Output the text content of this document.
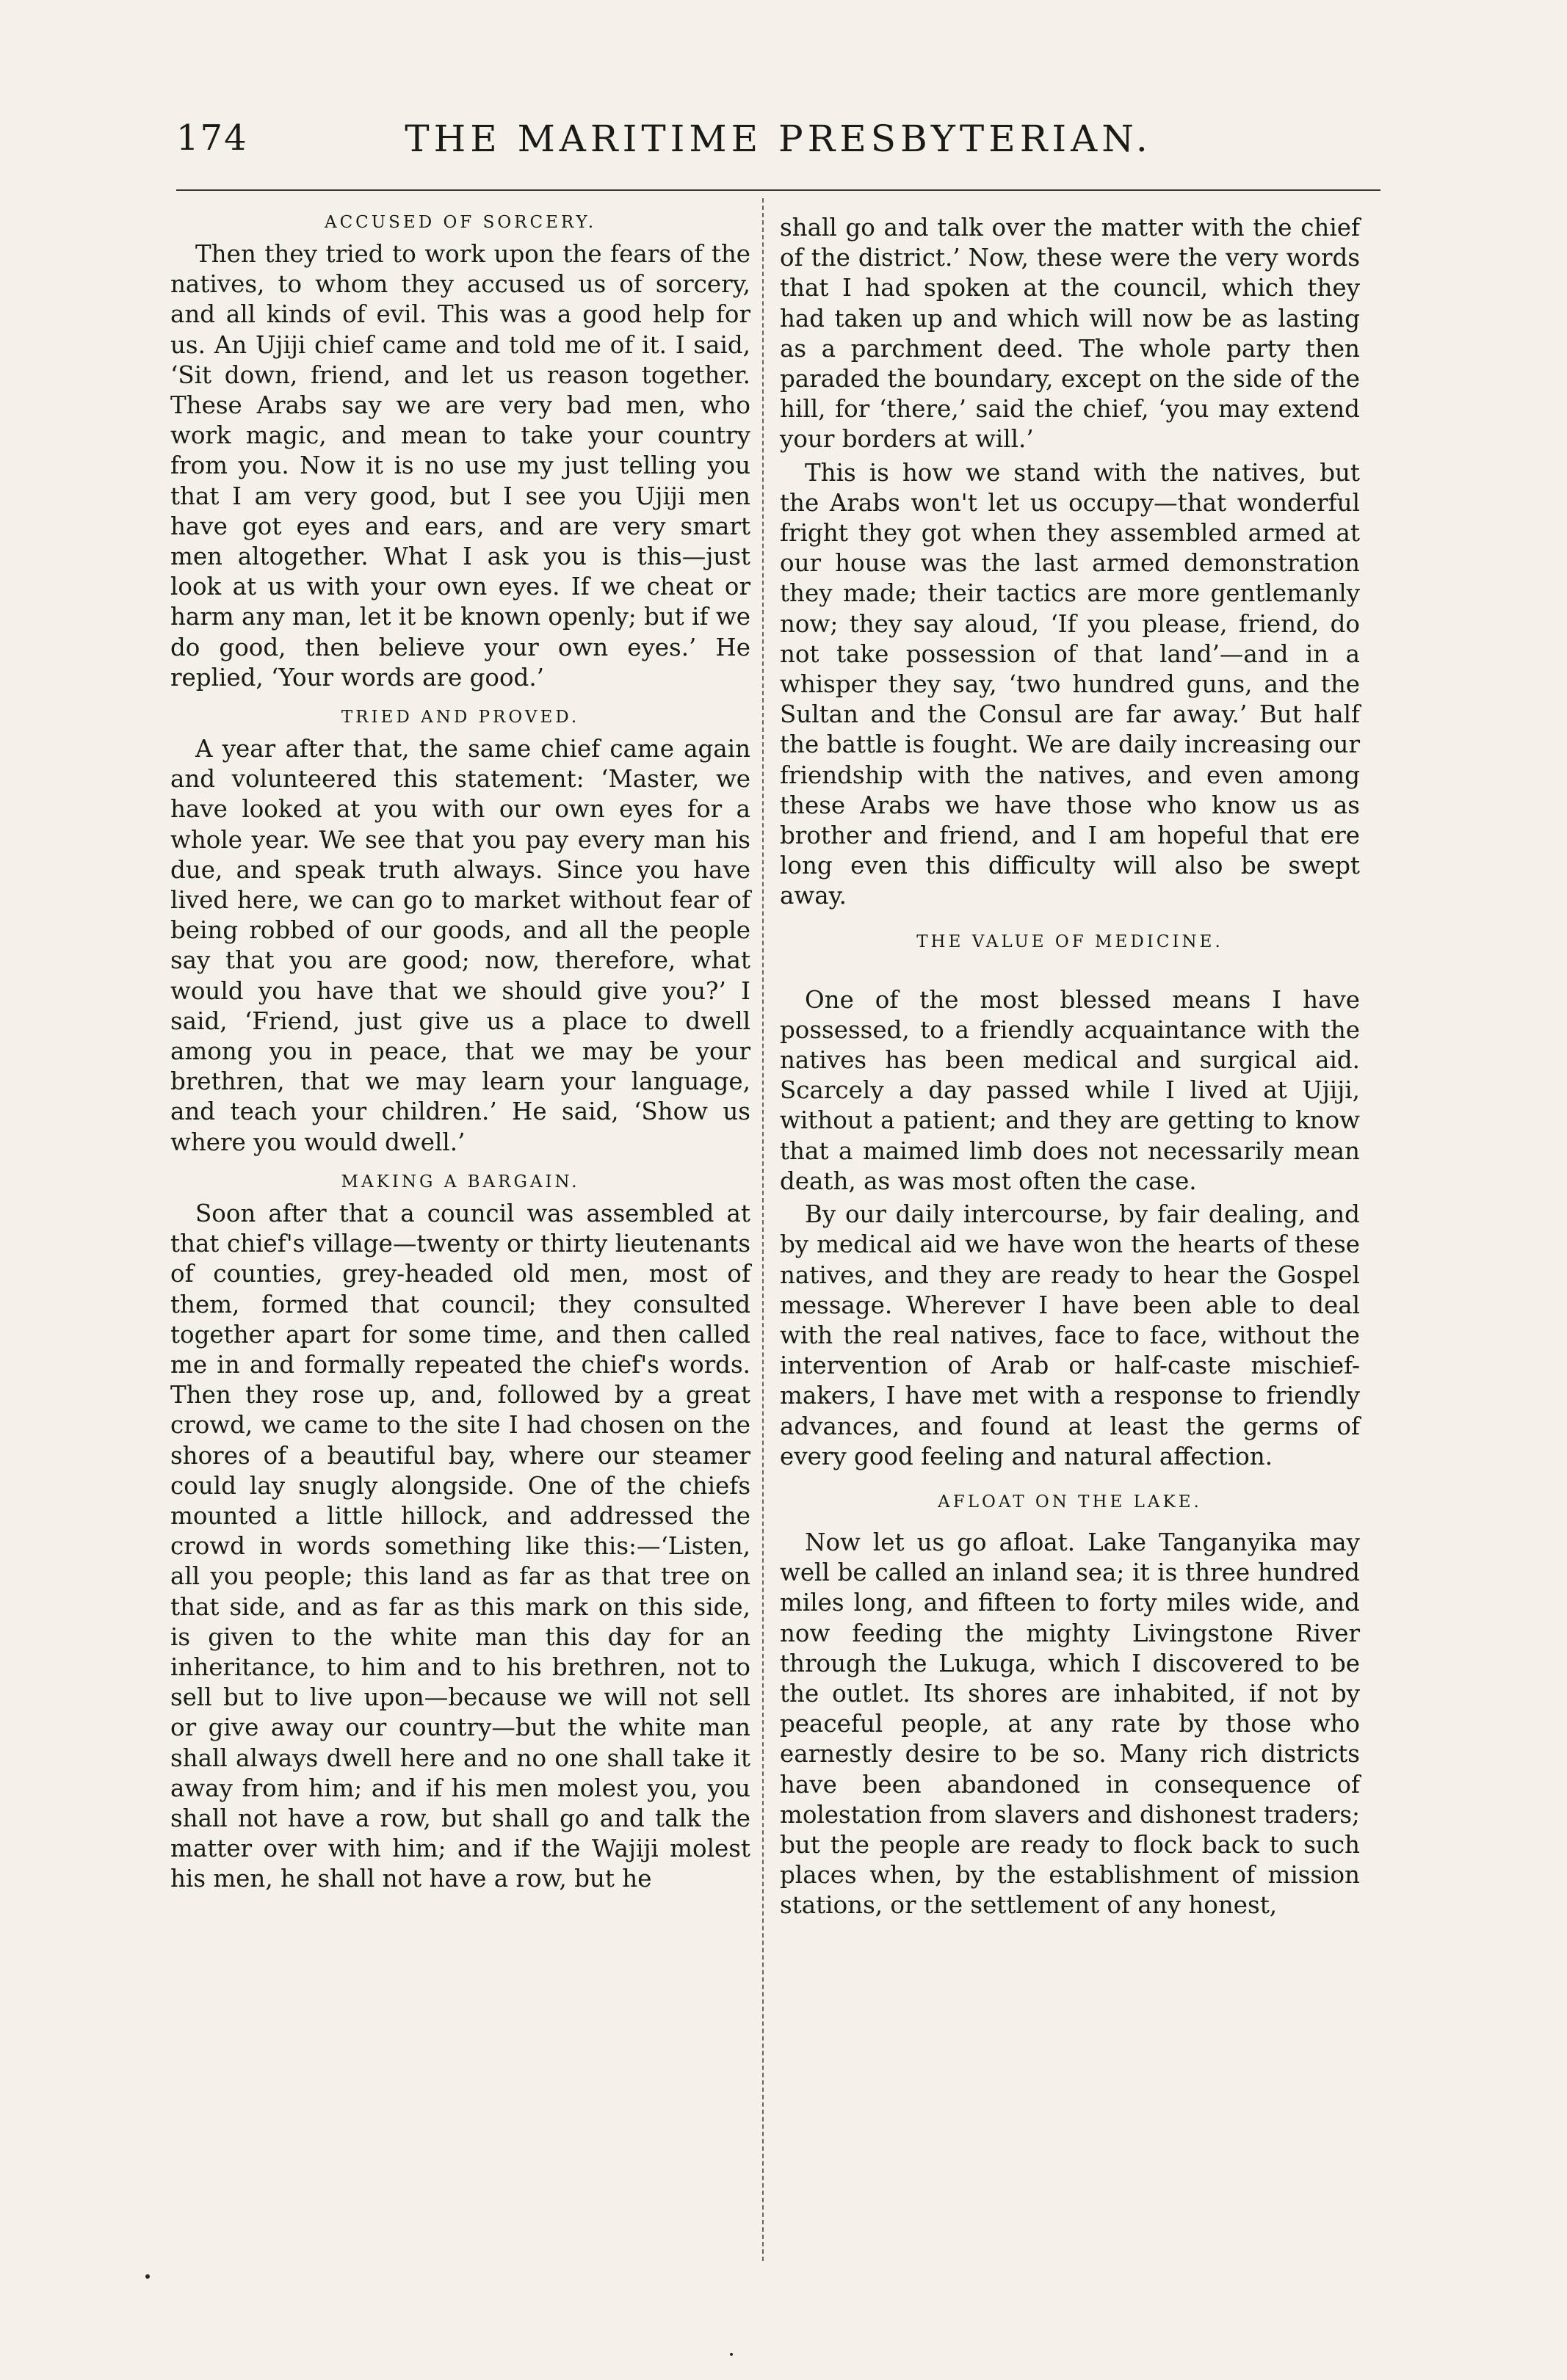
174	THE MARITIME PRESBYTERIAN.
ACCUSED OF SORCERY.

Then they tried to work upon the fears of the natives, to whom they accused us of sorcery, and all kinds of evil. This was a good help for us. An Ujiji chief came and told me of it. I said, ‘Sit down, friend, and let us reason together. These Arabs say we are very bad men, who work magic, and mean to take your country from you. Now it is no use my just telling you that I am very good, but I see you Ujiji men have got eyes and ears, and are very smart men altogether. What I ask you is this—just look at us with your own eyes. If we cheat or harm any man, let it be known openly; but if we do good, then believe your own eyes.’ He replied, ‘Your words are good.’

TRIED AND PROVED.

A year after that, the same chief came again and volunteered this statement: ‘Master, we have looked at you with our own eyes for a whole year. We see that you pay every man his due, and speak truth always. Since you have lived here, we can go to market without fear of being robbed of our goods, and all the people say that you are good; now, therefore, what would you have that we should give you?’ I said, ‘Friend, just give us a place to dwell among you in peace, that we may be your brethren, that we may learn your language, and teach your children.’ He said, ‘Show us where you would dwell.’

MAKING A BARGAIN.

Soon after that a council was assembled at that chief's village—twenty or thirty lieutenants of counties, grey-headed old men, most of them, formed that council; they consulted together apart for some time, and then called me in and formally repeated the chief's words. Then they rose up, and, followed by a great crowd, we came to the site I had chosen on the shores of a beautiful bay, where our steamer could lay snugly alongside. One of the chiefs mounted a little hillock, and addressed the crowd in words something like this:—‘Listen, all you people; this land as far as that tree on that side, and as far as this mark on this side, is given to the white man this day for an inheritance, to him and to his brethren, not to sell but to live upon—because we will not sell or give away our country—but the white man shall always dwell here and no one shall take it away from him; and if his men molest you, you shall not have a row, but shall go and talk the matter over with him; and if the Wajiji molest his men, he shall not have a row, but he

shall go and talk over the matter with the chief of the district.’ Now, these were the very words that I had spoken at the council, which they had taken up and which will now be as lasting as a parchment deed. The whole party then paraded the boundary, except on the side of the hill, for ‘there,’ said the chief, ‘you may extend your borders at will.’

This is how we stand with the natives, but the Arabs won't let us occupy—that wonderful fright they got when they assembled armed at our house was the last armed demonstration they made; their tactics are more gentlemanly now; they say aloud, ‘If you please, friend, do not take possession of that land’—and in a whisper they say, ‘two hundred guns, and the Sultan and the Consul are far away.’ But half the battle is fought. We are daily increasing our friendship with the natives, and even among these Arabs we have those who know us as brother and friend, and I am hopeful that ere long even this difficulty will also be swept away.

THE VALUE OF MEDICINE.

One of the most blessed means I have possessed, to a friendly acquaintance with the natives has been medical and surgical aid. Scarcely a day passed while I lived at Ujiji, without a patient; and they are getting to know that a maimed limb does not necessarily mean death, as was most often the case.

By our daily intercourse, by fair dealing, and by medical aid we have won the hearts of these natives, and they are ready to hear the Gospel message. Wherever I have been able to deal with the real natives, face to face, without the intervention of Arab or half-caste mischief-makers, I have met with a response to friendly advances, and found at least the germs of every good feeling and natural affection.

AFLOAT ON THE LAKE.

Now let us go afloat. Lake Tanganyika may well be called an inland sea; it is three hundred miles long, and fifteen to forty miles wide, and now feeding the mighty Livingstone River through the Lukuga, which I discovered to be the outlet. Its shores are inhabited, if not by peaceful people, at any rate by those who earnestly desire to be so. Many rich districts have been abandoned in consequence of molestation from slavers and dishonest traders; but the people are ready to flock back to such places when, by the establishment of mission stations, or the settlement of any honest,
